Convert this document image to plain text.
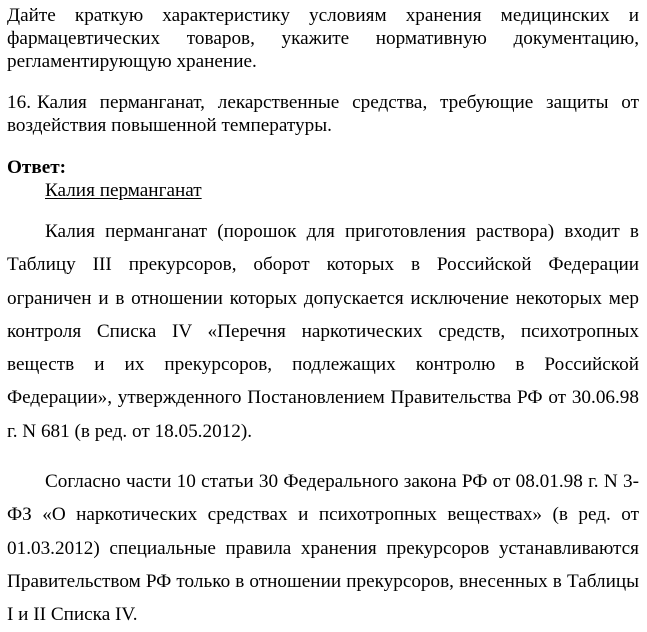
Дайте краткую характеристику условиям хранения медицинских и фармацевтических товаров, укажите нормативную документацию, регламентирующую хранение.

16. Калия перманганат, лекарственные средства, требующие защиты от воздействия повышенной температуры.

Ответ:

Калия перманганат

Калия перманганат (порошок для приготовления раствора) входит в Таблицу III прекурсоров, оборот которых в Российской Федерации ограничен и в отношении которых допускается исключение некоторых мер контроля Списка IV «Перечня наркотических средств, психотропных веществ и их прекурсоров, подлежащих контролю в Российской Федерации», утвержденного Постановлением Правительства РФ от 30.06.98 г. N 681 (в ред. от 18.05.2012).

Согласно части 10 статьи 30 Федерального закона РФ от 08.01.98 г. N 3-ФЗ «О наркотических средствах и психотропных веществах» (в ред. от 01.03.2012) специальные правила хранения прекурсоров устанавливаются Правительством РФ только в отношении прекурсоров, внесенных в Таблицы I и II Списка IV.
